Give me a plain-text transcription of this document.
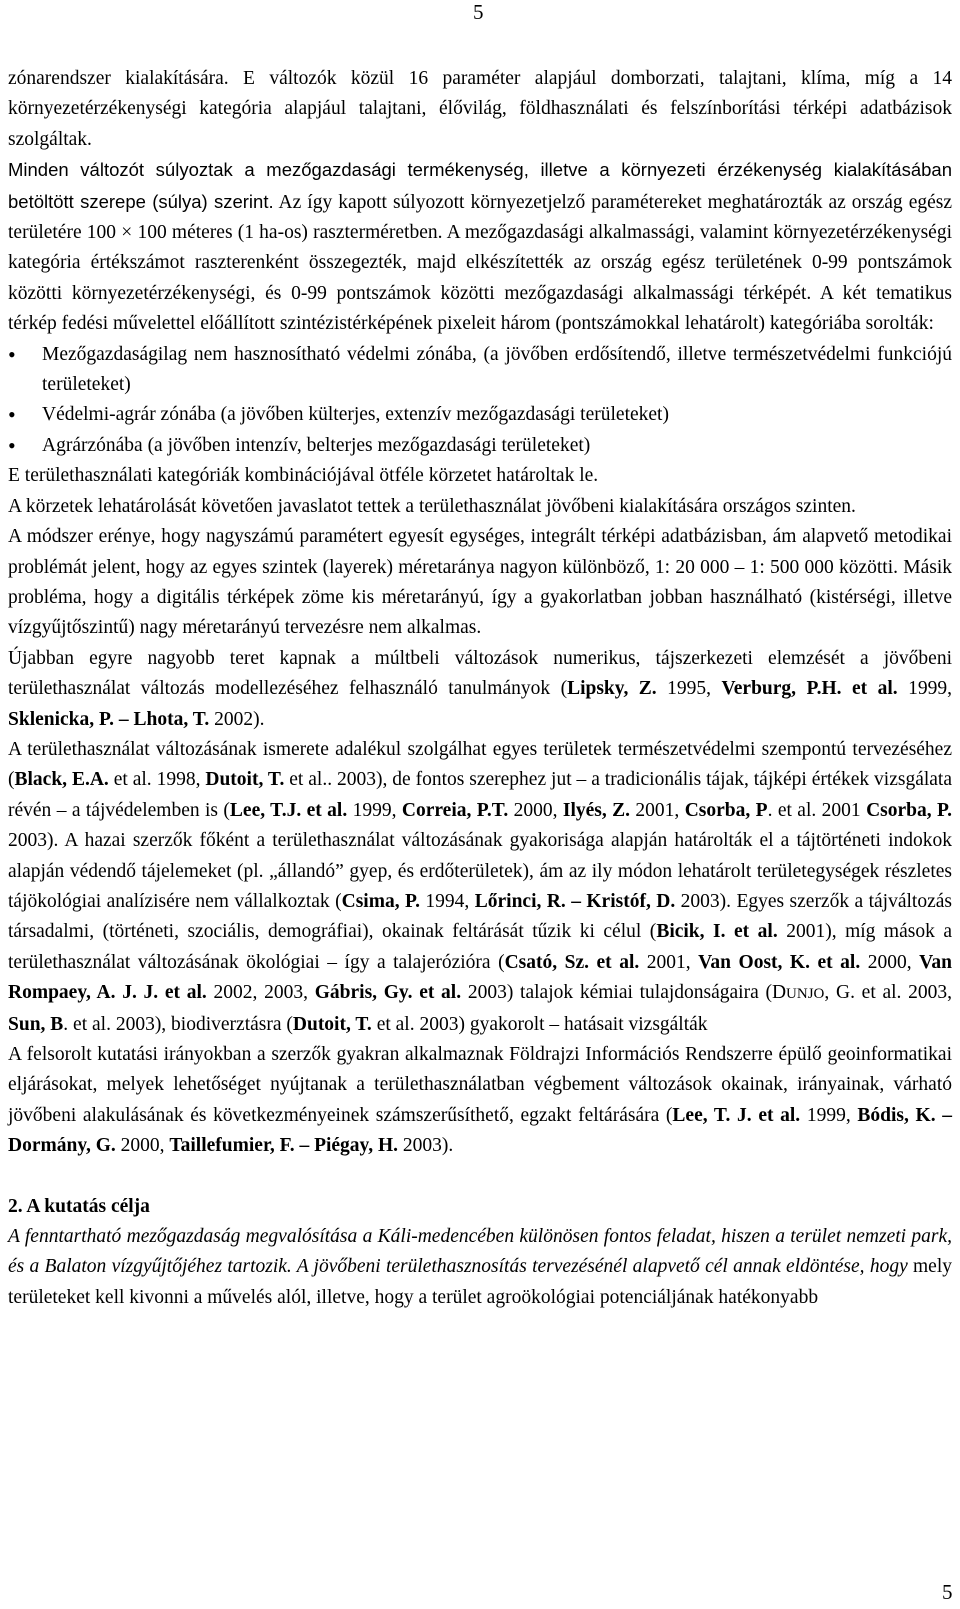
5

zónarendszer kialakítására. E változók közül 16 paraméter alapjául domborzati, talajtani, klíma, míg a 14 környezetérzékenységi kategória alapjául talajtani, élővilág, földhasználati és felszínborítási térképi adatbázisok szolgáltak.

Minden változót súlyoztak a mezőgazdasági termékenység, illetve a környezeti érzékenység kialakításában betöltött szerepe (súlya) szerint. Az így kapott súlyozott környezetjelző paramétereket meghatározták az ország egész területére 100 × 100 méteres (1 ha-os) raszterméretben. A mezőgazdasági alkalmassági, valamint környezetérzékenységi kategória értékszámot raszterenként összegezték, majd elkészítették az ország egész területének 0-99 pontszámok közötti környezetérzékenységi, és 0-99 pontszámok közötti mezőgazdasági alkalmassági térképét. A két tematikus térkép fedési művelettel előállított szintézistérképének pixeleit három (pontszámokkal lehatárolt) kategóriába sorolták:

• Mezőgazdaságilag nem hasznosítható védelmi zónába, (a jövőben erdősítendő, illetve természetvédelmi funkciójú területeket)
• Védelmi-agrár zónába (a jövőben külterjes, extenzív mezőgazdasági területeket)
• Agrárzónába (a jövőben intenzív, belterjes mezőgazdasági területeket)

E területhasználati kategóriák kombinációjával ötféle körzetet határoltak le.

A körzetek lehatárolását követően javaslatot tettek a területhasználat jövőbeni kialakítására országos szinten.

A módszer erénye, hogy nagyszámú paramétert egyesít egységes, integrált térképi adatbázisban, ám alapvető metodikai problémát jelent, hogy az egyes szintek (layerek) méretaránya nagyon különböző, 1: 20 000 – 1: 500 000 közötti. Másik probléma, hogy a digitális térképek zöme kis méretarányú, így a gyakorlatban jobban használható (kistérségi, illetve vízgyűjtőszintű) nagy méretarányú tervezésre nem alkalmas.

Újabban egyre nagyobb teret kapnak a múltbeli változások numerikus, tájszerkezeti elemzését a jövőbeni területhasználat változás modellezéséhez felhasználó tanulmányok (Lipsky, Z. 1995, Verburg, P.H. et al. 1999, Sklenicka, P. – Lhota, T. 2002).

A területhasználat változásának ismerete adalékul szolgálhat egyes területek természetvédelmi szempontú tervezéséhez (Black, E.A. et al. 1998, Dutoit, T. et al.. 2003), de fontos szerephez jut – a tradicionális tájak, tájképi értékek vizsgálata révén – a tájvédelemben is (Lee, T.J. et al. 1999, Correia, P.T. 2000, Ilyés, Z. 2001, Csorba, P. et al. 2001 Csorba, P. 2003). A hazai szerzők főként a területhasználat változásának gyakorisága alapján határolták el a tájtörténeti indokok alapján védendő tájelemeket (pl. „állandó” gyep, és erdőterületek), ám az ily módon lehatárolt területegységek részletes tájökológiai analízisére nem vállalkoztak (Csima, P. 1994, Lőrinci, R. – Kristóf, D. 2003). Egyes szerzők a tájváltozás társadalmi, (történeti, szociális, demográfiai), okainak feltárását tűzik ki célul (Bicik, I. et al. 2001), míg mások a területhasználat változásának ökológiai – így a talajerózióra (Csató, Sz. et al. 2001, Van Oost, K. et al. 2000, Van Rompaey, A. J. J. et al. 2002, 2003, Gábris, Gy. et al. 2003) talajok kémiai tulajdonságaira (DUNJO, G. et al. 2003, Sun, B. et al. 2003), biodiverztásra (Dutoit, T. et al. 2003) gyakorolt – hatásait vizsgálták

A felsorolt kutatási irányokban a szerzők gyakran alkalmaznak Földrajzi Információs Rendszerre épülő geoinformatikai eljárásokat, melyek lehetőséget nyújtanak a területhasználatban végbement változások okainak, irányainak, várható jövőbeni alakulásának és következményeinek számszerűsíthető, egzakt feltárására (Lee, T. J. et al. 1999, Bódis, K. – Dormány, G. 2000, Taillefumier, F. – Piégay, H. 2003).

2. A kutatás célja

A fenntartható mezőgazdaság megvalósítása a Káli-medencében különösen fontos feladat, hiszen a terület nemzeti park, és a Balaton vízgyűjtőjéhez tartozik. A jövőbeni területhasznosítás tervezésénél alapvető cél annak eldöntése, hogy mely területeket kell kivonni a művelés alól, illetve, hogy a terület agroökológiai potenciáljának hatékonyabb

5
